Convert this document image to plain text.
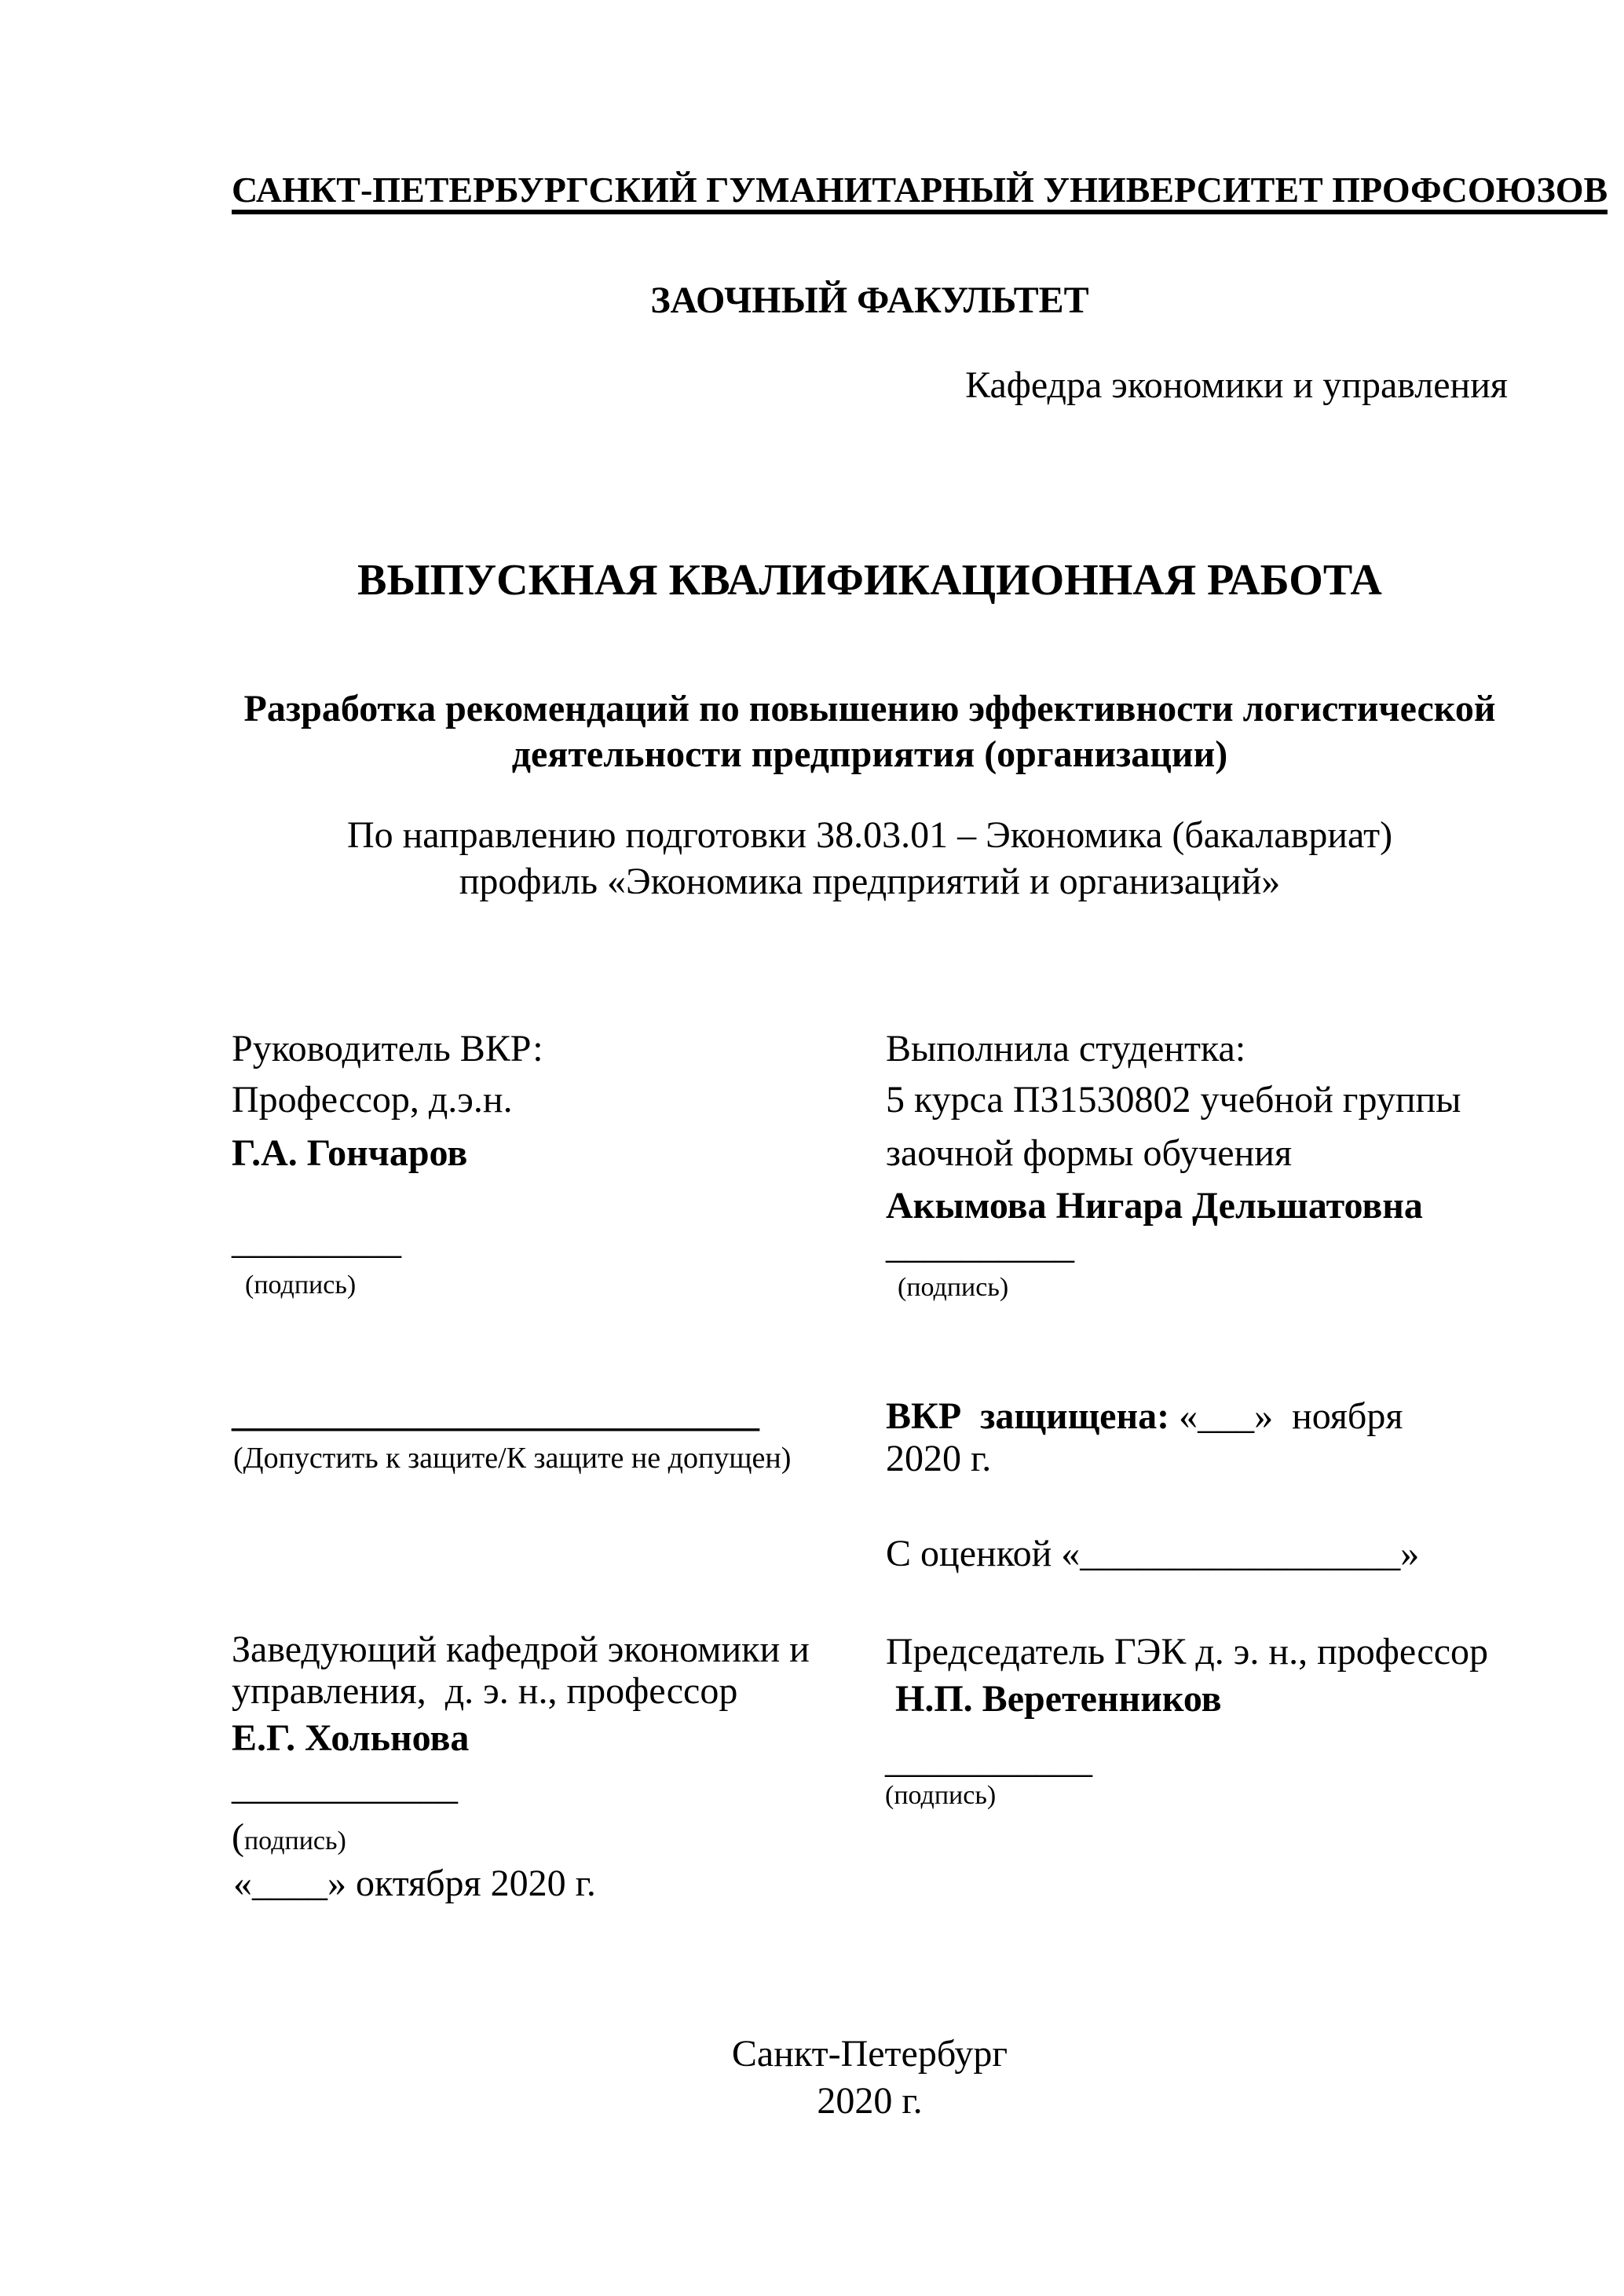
САНКТ-ПЕТЕРБУРГСКИЙ ГУМАНИТАРНЫЙ УНИВЕРСИТЕТ ПРОФСОЮЗОВ
ЗАОЧНЫЙ ФАКУЛЬТЕТ
Кафедра экономики и управления
ВЫПУСКНАЯ КВАЛИФИКАЦИОННАЯ РАБОТА
Разработка рекомендаций по повышению эффективности логистической
деятельности предприятия (организации)
По направлению подготовки 38.03.01 – Экономика (бакалавриат)
профиль «Экономика предприятий и организаций»
Руководитель ВКР:
Профессор, д.э.н.
Г.А. Гончаров
_________
(подпись)
Выполнила студентка:
5 курса ПЗ1530802 учебной группы
заочной формы обучения
Акымова Нигара Дельшатовна
__________
(подпись)
____________________________
(Допустить к защите/К защите не допущен)
ВКР  защищена: «___»  ноября
2020 г.
С оценкой «_________________»
Заведующий кафедрой экономики и
управления,  д. э. н., профессор
Е.Г. Хольнова
____________
(подпись)
«____» октября 2020 г.
Председатель ГЭК д. э. н., профессор
Н.П. Веретенников
___________
(подпись)
Санкт-Петербург
2020 г.
